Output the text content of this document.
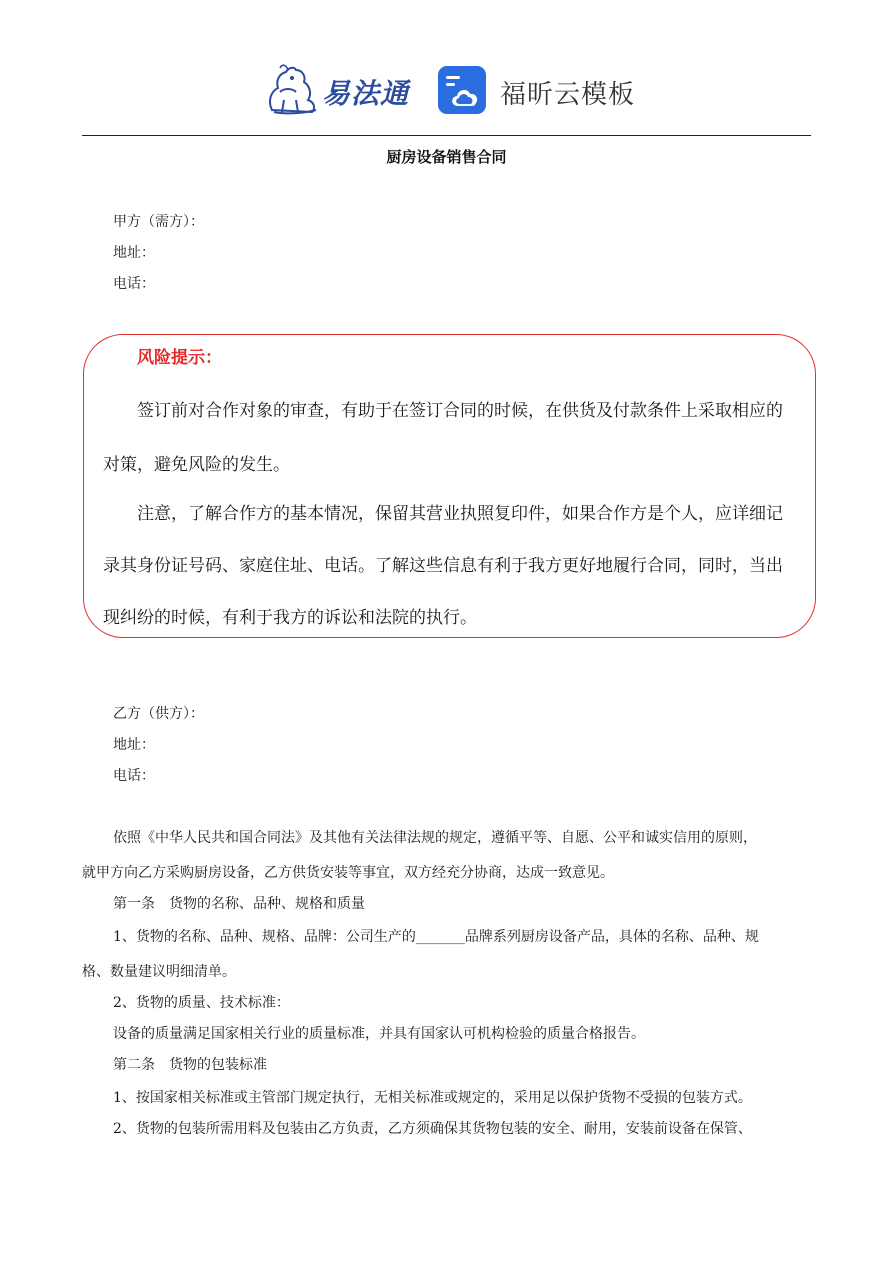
易法通	福昕云模板
厨房设备销售合同
甲方（需方）：
地址：
电话：
风险提示：
签订前对合作对象的审查，有助于在签订合同的时候，在供货及付款条件上采取相应的
对策，避免风险的发生。
注意，了解合作方的基本情况，保留其营业执照复印件，如果合作方是个人，应详细记
录其身份证号码、家庭住址、电话。了解这些信息有利于我方更好地履行合同，同时，当出
现纠纷的时候，有利于我方的诉讼和法院的执行。
乙方（供方）：
地址：
电话：
依照《中华人民共和国合同法》及其他有关法律法规的规定，遵循平等、自愿、公平和诚实信用的原则，
就甲方向乙方采购厨房设备，乙方供货安装等事宜，双方经充分协商，达成一致意见。
第一条　货物的名称、品种、规格和质量
1、货物的名称、品种、规格、品牌：公司生产的_______品牌系列厨房设备产品，具体的名称、品种、规
格、数量建议明细清单。
2、货物的质量、技术标准：
设备的质量满足国家相关行业的质量标准，并具有国家认可机构检验的质量合格报告。
第二条　货物的包装标准
1、按国家相关标准或主管部门规定执行，无相关标准或规定的，采用足以保护货物不受损的包装方式。
2、货物的包装所需用料及包装由乙方负责，乙方须确保其货物包装的安全、耐用，安装前设备在保管、
